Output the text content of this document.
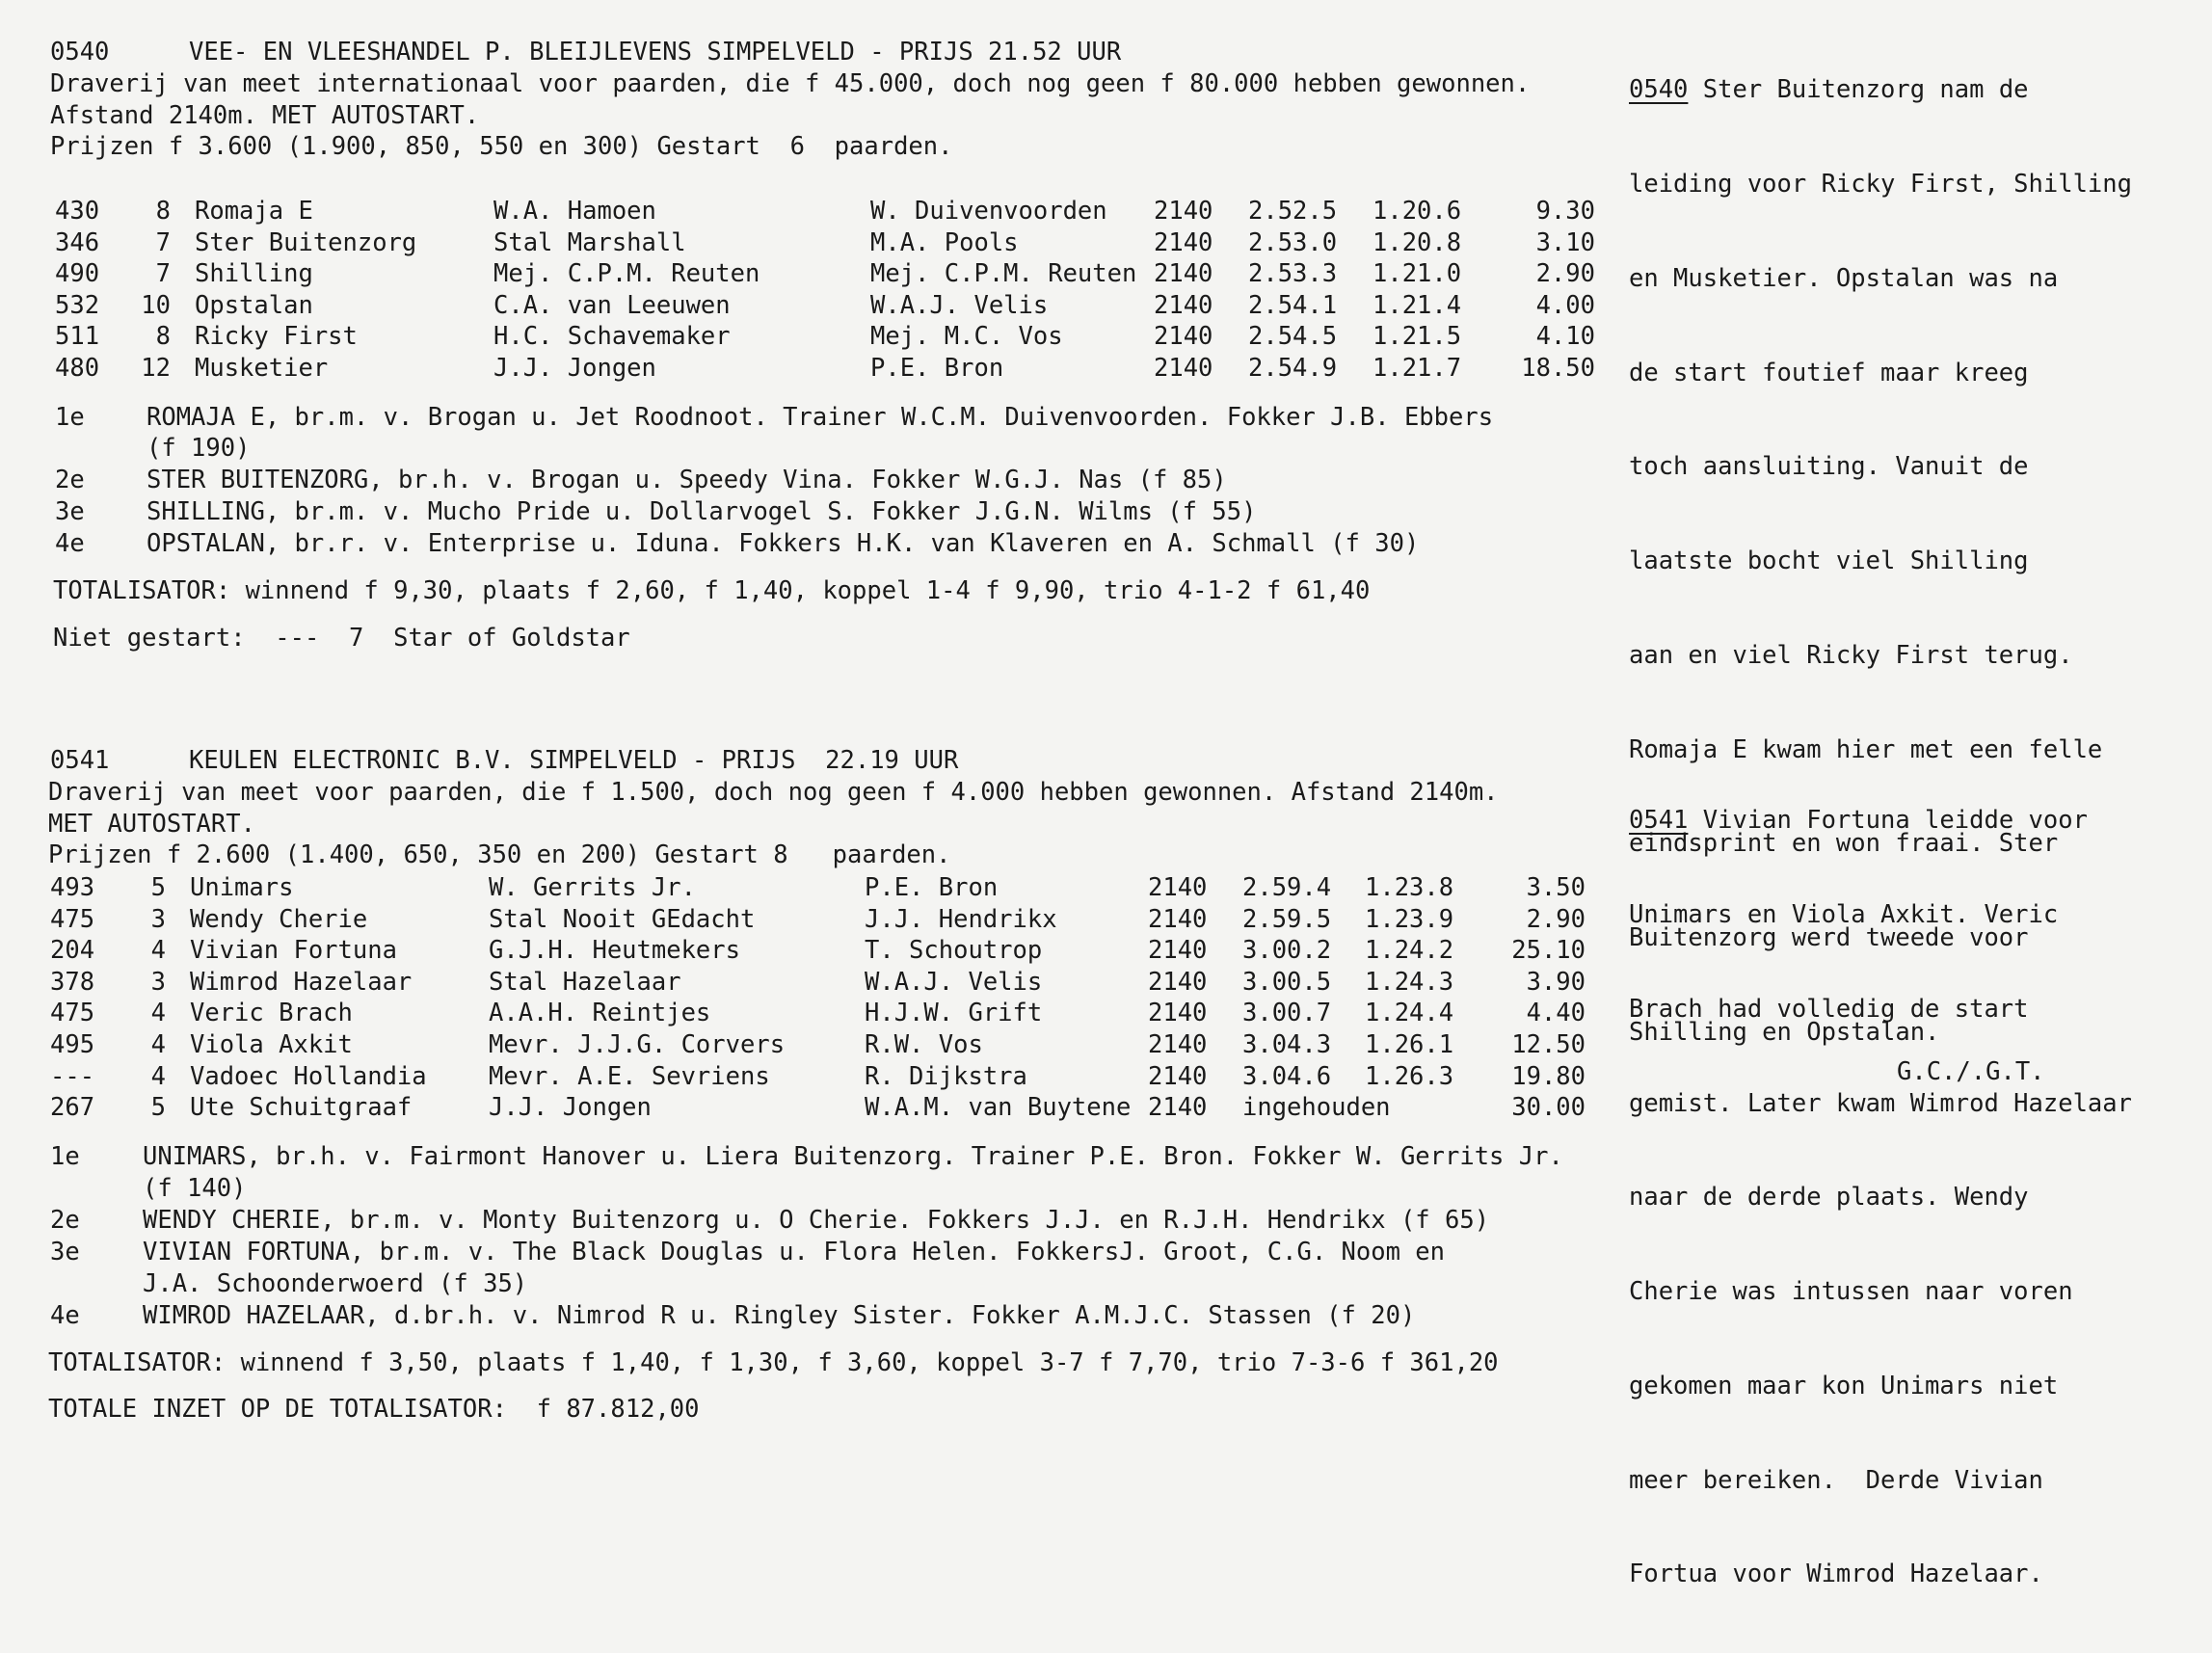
0540	VEE- EN VLEESHANDEL P. BLEIJLEVENS SIMPELVELD - PRIJS 21.52 UUR
Draverij van meet internationaal voor paarden, die f 45.000, doch nog geen f 80.000 hebben gewonnen.
Afstand 2140m. MET AUTOSTART.
Prijzen f 3.600 (1.900, 850, 550 en 300) Gestart  6  paarden.
430	8 Romaja E	W.A. Hamoen	W. Duivenvoorden 2140 2.52.5 1.20.6	9.30
346	7 Ster Buitenzorg	Stal Marshall	M.A. Pools	2140 2.53.0 1.20.8	3.10
490	7 Shilling	Mej. C.P.M. Reuten	Mej. C.P.M. Reuten 2140 2.53.3 1.21.0	2.90
532	10 Opstalan	C.A. van Leeuwen	W.A.J. Velis	2140 2.54.1 1.21.4	4.00
511	8 Ricky First	H.C. Schavemaker	Mej. M.C. Vos	2140 2.54.5 1.21.5	4.10
480	12 Musketier	J.J. Jongen	P.E. Bron	2140 2.54.9 1.21.7	18.50
1e	ROMAJA E, br.m. v. Brogan u. Jet Roodnoot. Trainer W.C.M. Duivenvoorden. Fokker J.B. Ebbers
(f 190)
2e	STER BUITENZORG, br.h. v. Brogan u. Speedy Vina. Fokker W.G.J. Nas (f 85)
3e	SHILLING, br.m. v. Mucho Pride u. Dollarvogel S. Fokker J.G.N. Wilms (f 55)
4e	OPSTALAN, br.r. v. Enterprise u. Iduna. Fokkers H.K. van Klaveren en A. Schmall (f 30)
TOTALISATOR: winnend f 9,30, plaats f 2,60, f 1,40, koppel 1-4 f 9,90, trio 4-1-2 f 61,40
Niet gestart:  ---  7  Star of Goldstar

0540 Ster Buitenzorg nam de

leiding voor Ricky First, Shilling

en Musketier. Opstalan was na

de start foutief maar kreeg

toch aansluiting. Vanuit de

laatste bocht viel Shilling

aan en viel Ricky First terug.

Romaja E kwam hier met een felle

eindsprint en won fraai. Ster

Buitenzorg werd tweede voor

Shilling en Opstalan.

0541	KEULEN ELECTRONIC B.V. SIMPELVELD - PRIJS  22.19 UUR
Draverij van meet voor paarden, die f 1.500, doch nog geen f 4.000 hebben gewonnen. Afstand 2140m.
MET AUTOSTART.
Prijzen f 2.600 (1.400, 650, 350 en 200) Gestart 8   paarden.
493	5 Unimars	W. Gerrits Jr.	P.E. Bron	2140 2.59.4 1.23.8	3.50
475	3 Wendy Cherie	Stal Nooit GEdacht	J.J. Hendrikx	2140 2.59.5 1.23.9	2.90
204	4 Vivian Fortuna	G.J.H. Heutmekers	T. Schoutrop	2140 3.00.2 1.24.2	25.10
378	3 Wimrod Hazelaar	Stal Hazelaar	W.A.J. Velis	2140 3.00.5 1.24.3	3.90
475	4 Veric Brach	A.A.H. Reintjes	H.J.W. Grift	2140 3.00.7 1.24.4	4.40
495	4 Viola Axkit	Mevr. J.J.G. Corvers	R.W. Vos	2140 3.04.3 1.26.1	12.50
---	4 Vadoec Hollandia	Mevr. A.E. Sevriens	R. Dijkstra	2140 3.04.6 1.26.3	19.80
267	5 Ute Schuitgraaf	J.J. Jongen	W.A.M. van Buytene 2140 ingehouden	30.00
1e	UNIMARS, br.h. v. Fairmont Hanover u. Liera Buitenzorg. Trainer P.E. Bron. Fokker W. Gerrits Jr.
(f 140)
2e	WENDY CHERIE, br.m. v. Monty Buitenzorg u. O Cherie. Fokkers J.J. en R.J.H. Hendrikx (f 65)
3e	VIVIAN FORTUNA, br.m. v. The Black Douglas u. Flora Helen. FokkersJ. Groot, C.G. Noom en
J.A. Schoonderwoerd (f 35)
4e	WIMROD HAZELAAR, d.br.h. v. Nimrod R u. Ringley Sister. Fokker A.M.J.C. Stassen (f 20)
TOTALISATOR: winnend f 3,50, plaats f 1,40, f 1,30, f 3,60, koppel 3-7 f 7,70, trio 7-3-6 f 361,20
TOTALE INZET OP DE TOTALISATOR:  f 87.812,00

0541 Vivian Fortuna leidde voor

Unimars en Viola Axkit. Veric

Brach had volledig de start

gemist. Later kwam Wimrod Hazelaar

naar de derde plaats. Wendy

Cherie was intussen naar voren

gekomen maar kon Unimars niet

meer bereiken.  Derde Vivian

Fortua voor Wimrod Hazelaar.

G.C./.G.T.
